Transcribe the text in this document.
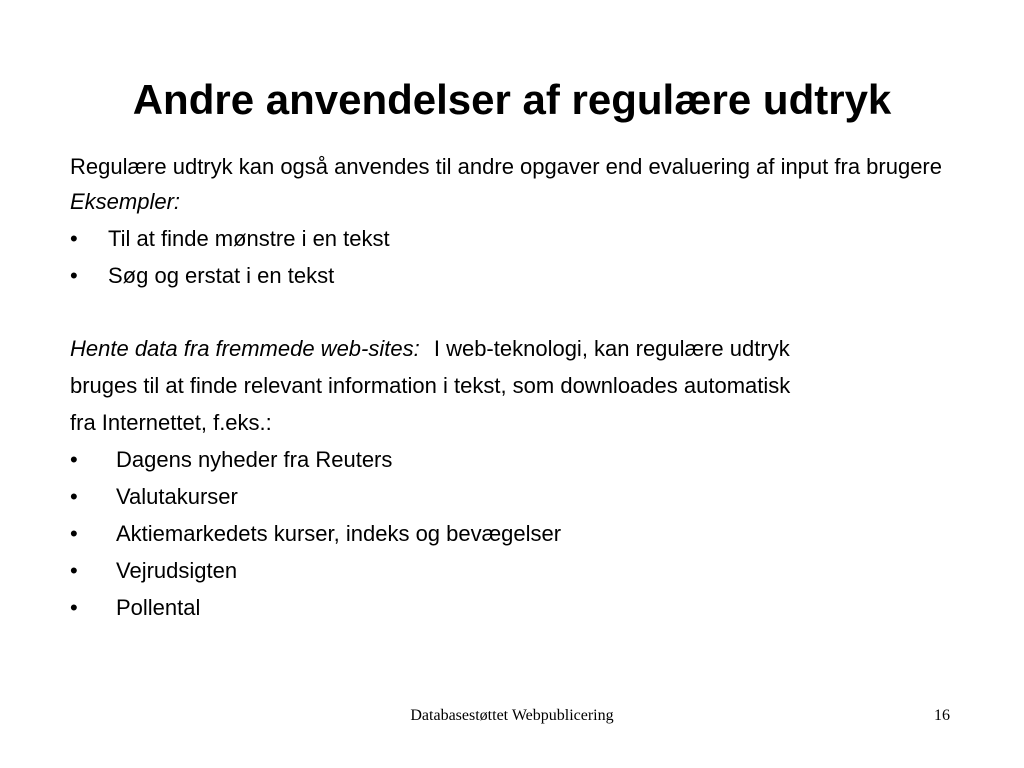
Andre anvendelser af regulære udtryk

Regulære udtryk kan også anvendes til andre opgaver end evaluering af input fra brugere

Eksempler:
• Til at finde mønstre i en tekst
• Søg og erstat i en tekst
Hente data fra fremmede web-sites: I web-teknologi, kan regulære udtryk
bruges til at finde relevant information i tekst, som downloades automatisk
fra Internettet, f.eks.:
• Dagens nyheder fra Reuters
• Valutakurser
• Aktiemarkedets kurser, indeks og bevægelser
• Vejrudsigten
• Pollental
Databasestøttet Webpublicering	16
